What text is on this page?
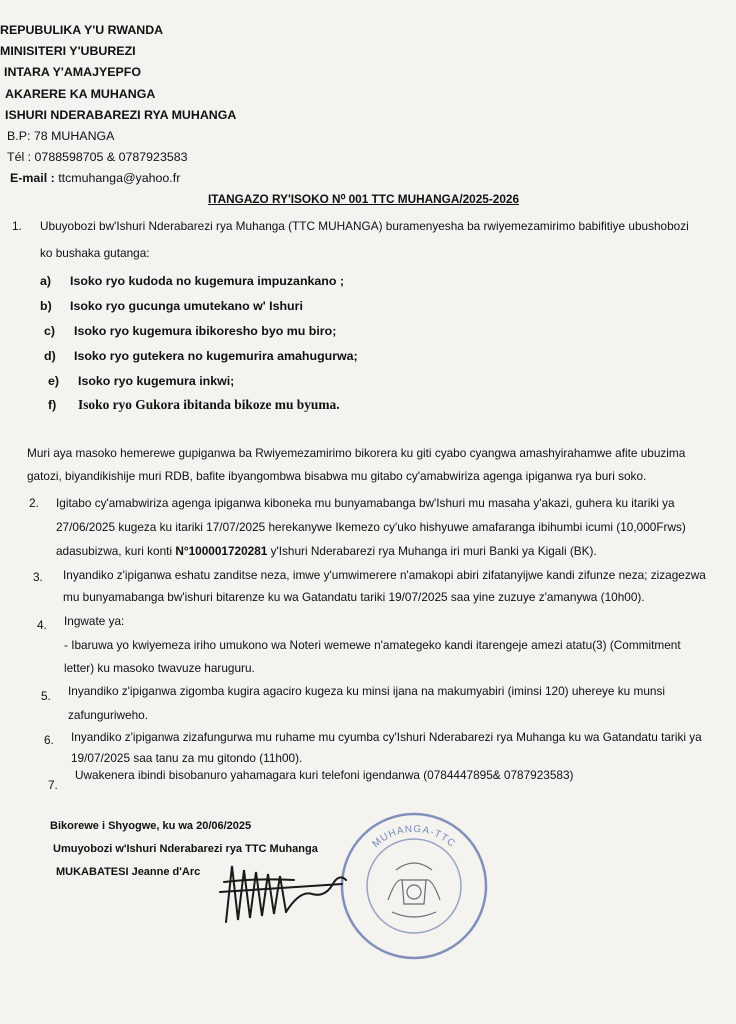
REPUBULIKA Y'U RWANDA
MINISITERI Y'UBUREZI
INTARA Y'AMAJYEPFO
AKARERE KA MUHANGA
ISHURI NDERABAREZI RYA MUHANGA
B.P: 78 MUHANGA
Tél : 0788598705 & 0787923583
E-mail : ttcmuhanga@yahoo.fr
ITANGAZO RY'ISOKO N⁰ 001 TTC MUHANGA/2025-2026
1. Ubuyobozi bw'Ishuri Nderabarezi rya Muhanga (TTC MUHANGA) buramenyesha ba rwiyemezamirimo babifitiye ubushobozi
ko bushaka gutanga:
a) Isoko ryo kudoda no kugemura impuzankano ;
b) Isoko ryo gucunga umutekano w' Ishuri
c) Isoko ryo kugemura ibikoresho byo mu biro;
d) Isoko ryo gutekera no kugemurira amahugurwa;
e) Isoko ryo kugemura inkwi;
f) Isoko ryo Gukora ibitanda bikoze mu byuma.
Muri aya masoko hemerewe gupiganwa ba Rwiyemezamirimo bikorera ku giti cyabo cyangwa amashyirahamwe afite ubuzima
gatozi, biyandikishije muri RDB, bafite ibyangombwa bisabwa mu gitabo cy'amabwiriza agenga ipiganwa rya buri soko.
2. Igitabo cy'amabwiriza agenga ipiganwa kiboneka mu bunyamabanga bw'Ishuri mu masaha y'akazi, guhera ku itariki ya
27/06/2025 kugeza ku itariki 17/07/2025 herekanywe Ikemezo cy'uko hishyuwe amafaranga ibihumbi icumi (10,000Frws)
adasubizwa, kuri konti N°100001720281 y'Ishuri Nderabarezi rya Muhanga iri muri Banki ya Kigali (BK).
3. Inyandiko z'ipiganwa eshatu zanditse neza, imwe y'umwimerere n'amakopi abiri zifatanyijwe kandi zifunze neza; zizagezwa
mu bunyamabanga bw'ishuri bitarenze ku wa Gatandatu tariki 19/07/2025 saa yine zuzuye z'amanywa (10h00).
4. Ingwate ya:
- Ibaruwa yo kwiyemeza iriho umukono wa Noteri wemewe n'amategeko kandi itarengeje amezi atatu(3) (Commitment
letter) ku masoko twavuze haruguru.
5. Inyandiko z'ipiganwa zigomba kugira agaciro kugeza ku minsi ijana na makumyabiri (iminsi 120) uhereye ku munsi
zafunguriweho.
6. Inyandiko z'ipiganwa zizafungurwa mu ruhame mu cyumba cy'Ishuri Nderabarezi rya Muhanga ku wa Gatandatu tariki ya
19/07/2025 saa tanu za mu gitondo (11h00).
7.
Uwakenera ibindi bisobanuro yahamagara kuri telefoni igendanwa (0784447895& 0787923583)
Bikorewe i Shyogwe, ku wa 20/06/2025
Umuyobozi w'Ishuri Nderabarezi rya TTC Muhanga
MUKABATESI Jeanne d'Arc
MUHANGA-TTC
